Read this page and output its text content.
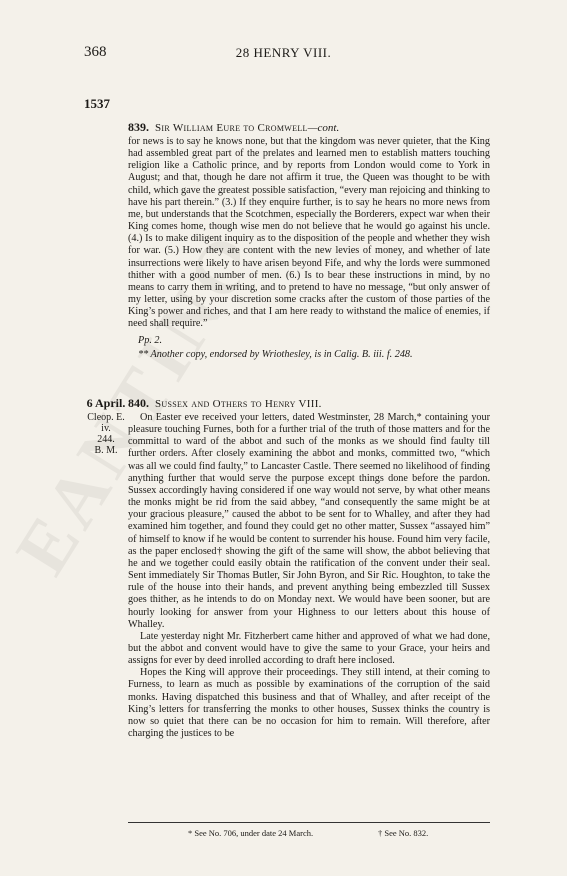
EANTINO
368	28 HENRY VIII.
1537
839. Sir William Eure to Cromwell—cont.

for news is to say he knows none, but that the kingdom was never quieter, that the King had assembled great part of the prelates and learned men to establish matters touching religion like a Catholic prince, and by reports from London would come to York in August; and that, though he dare not affirm it true, the Queen was thought to be with child, which gave the greatest possible satisfaction, “every man rejoicing and thinking to have his part therein.” (3.) If they enquire further, is to say he hears no more news from me, but understands that the Scotchmen, especially the Borderers, expect war when their King comes home, though wise men do not believe that he would go against his uncle. (4.) Is to make diligent inquiry as to the disposition of the people and whether they wish for war. (5.) How they are content with the new levies of money, and whether of late insurrections were likely to have arisen beyond Fife, and why the lords were summoned thither with a good number of men. (6.) Is to bear these instructions in mind, by no means to carry them in writing, and to pretend to have no message, “but only answer of my letter, using by your discretion some cracks after the custom of those parties of the King’s power and riches, and that I am here ready to withstand the malice of enemies, if need shall require.”

Pp. 2.
** Another copy, endorsed by Wriothesley, is in Calig. B. iii. f. 248.
6 April.
Cleop. E. iv.
244.
B. M.
840. Sussex and Others to Henry VIII.

On Easter eve received your letters, dated Westminster, 28 March,* containing your pleasure touching Furnes, both for a further trial of the truth of those matters and for the committal to ward of the abbot and such of the monks as we should find faulty till further orders. After closely examining the abbot and monks, committed two, “which was all we could find faulty,” to Lancaster Castle. There seemed no likelihood of finding anything further that would serve the purpose except things done before the pardon. Sussex accordingly having considered if one way would not serve, by what other means the monks might be rid from the said abbey, “and consequently the same might be at your gracious pleasure,” caused the abbot to be sent for to Whalley, and after they had examined him together, and found they could get no other matter, Sussex “assayed him” of himself to know if he would be content to surrender his house. Found him very facile, as the paper enclosed† showing the gift of the same will show, the abbot believing that he and we together could easily obtain the ratification of the convent under their seal. Sent immediately Sir Thomas Butler, Sir John Byron, and Sir Ric. Houghton, to take the rule of the house into their hands, and prevent anything being embezzled till Sussex goes thither, as he intends to do on Monday next. We would have been sooner, but are hourly looking for answer from your Highness to our letters about this house of Whalley.

Late yesterday night Mr. Fitzherbert came hither and approved of what we had done, but the abbot and convent would have to give the same to your Grace, your heirs and assigns for ever by deed inrolled according to draft here inclosed.

Hopes the King will approve their proceedings. They still intend, at their coming to Furness, to learn as much as possible by examinations of the corruption of the said monks. Having dispatched this business and that of Whalley, and after receipt of the King’s letters for transferring the monks to other houses, Sussex thinks the country is now so quiet that there can be no occasion for him to remain. Will therefore, after charging the justices to be

* See No. 706, under date 24 March.	† See No. 832.
